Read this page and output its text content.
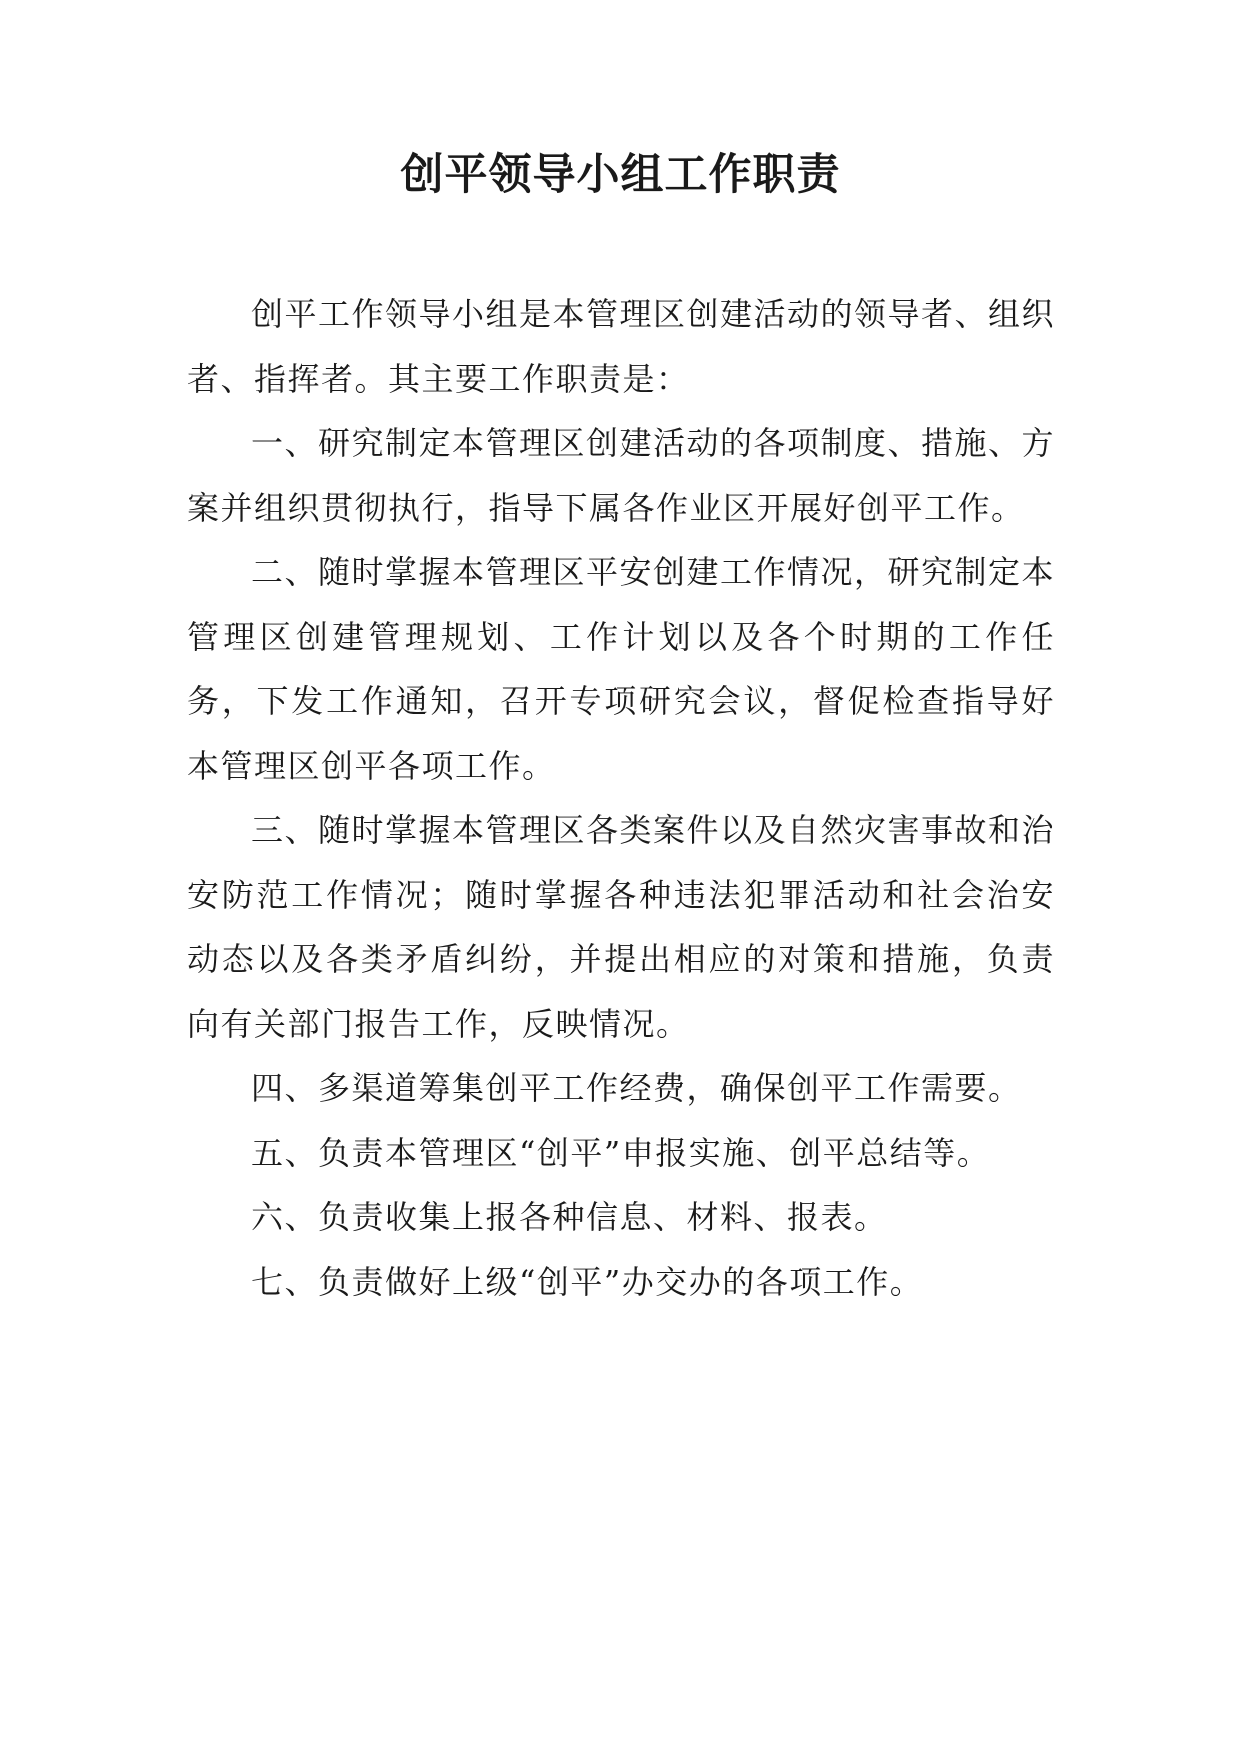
创平领导小组工作职责

创平工作领导小组是本管理区创建活动的领导者、组织者、指挥者。其主要工作职责是：

一、研究制定本管理区创建活动的各项制度、措施、方案并组织贯彻执行，指导下属各作业区开展好创平工作。

二、随时掌握本管理区平安创建工作情况，研究制定本管理区创建管理规划、工作计划以及各个时期的工作任务，下发工作通知，召开专项研究会议，督促检查指导好本管理区创平各项工作。

三、随时掌握本管理区各类案件以及自然灾害事故和治安防范工作情况；随时掌握各种违法犯罪活动和社会治安动态以及各类矛盾纠纷，并提出相应的对策和措施，负责向有关部门报告工作，反映情况。

四、多渠道筹集创平工作经费，确保创平工作需要。

五、负责本管理区“创平”申报实施、创平总结等。

六、负责收集上报各种信息、材料、报表。

七、负责做好上级“创平”办交办的各项工作。
